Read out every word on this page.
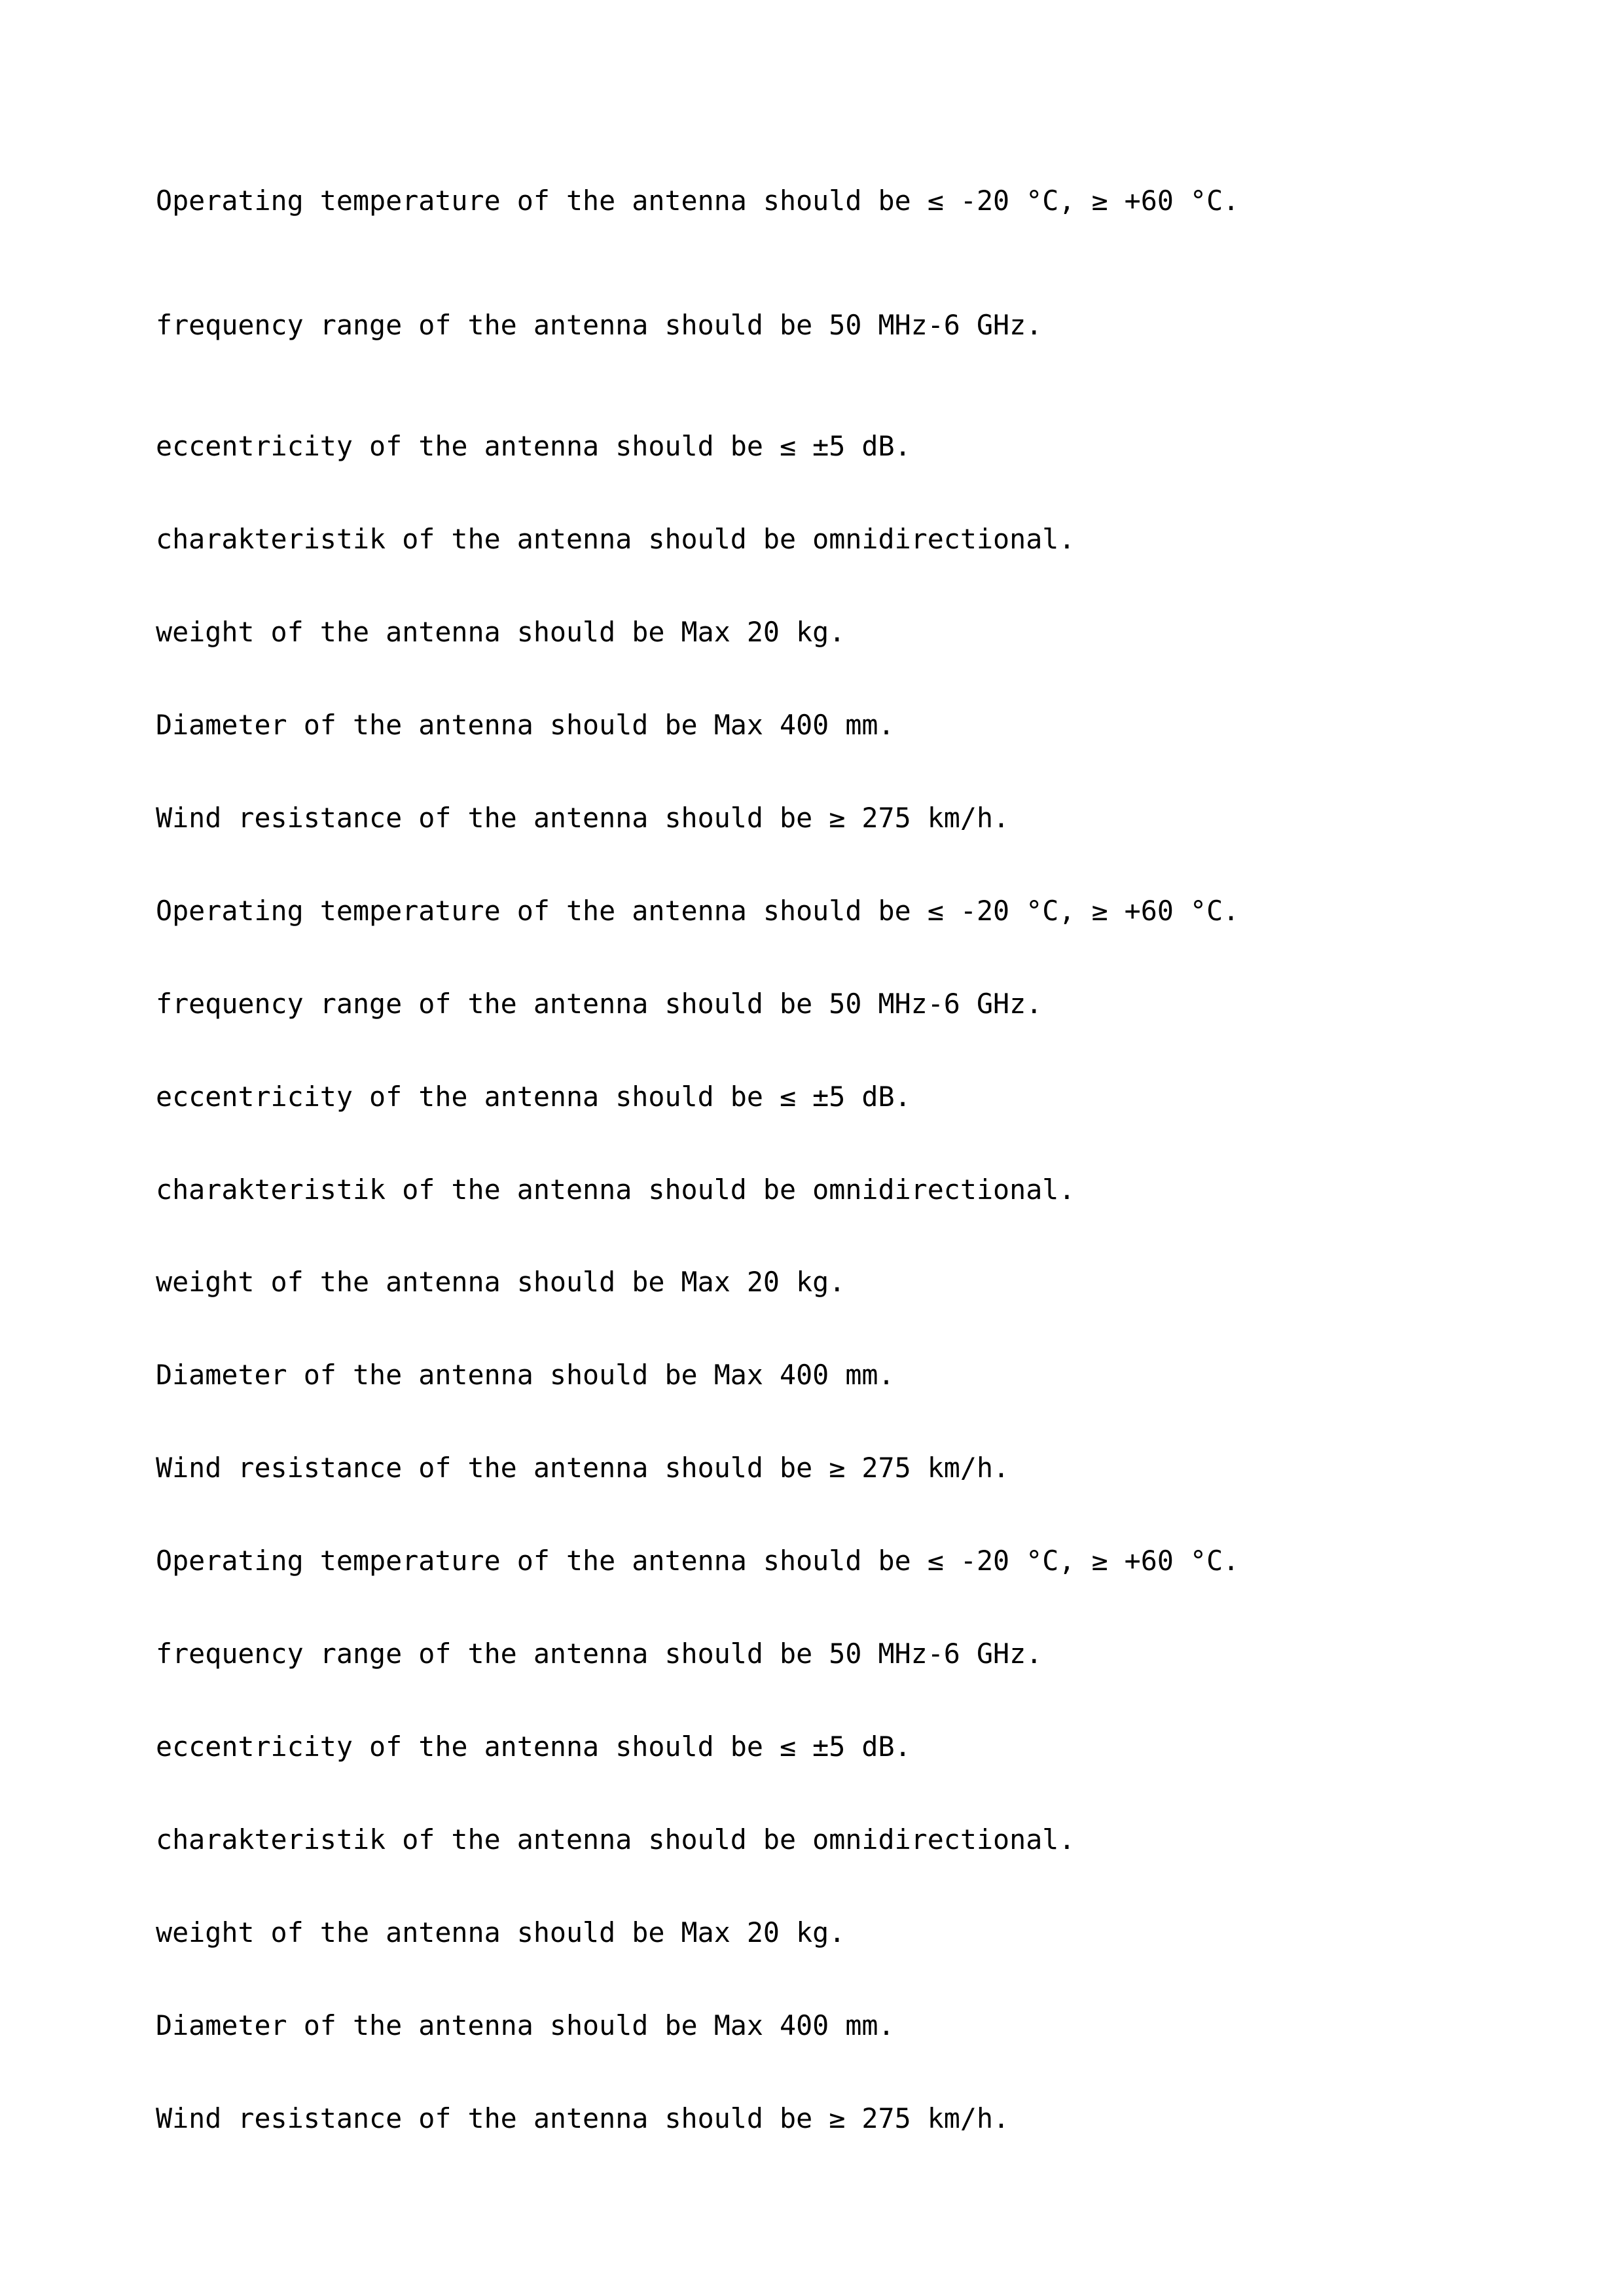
Operating temperature of the antenna should be ≤ -20 °C, ≥ +60 °C.

frequency range of the antenna should be 50 MHz-6 GHz.

eccentricity of the antenna should be ≤ ±5 dB.

charakteristik of the antenna should be omnidirectional.

weight of the antenna should be Max 20 kg.

Diameter of the antenna should be Max 400 mm.

Wind resistance of the antenna should be ≥ 275 km/h.

Operating temperature of the antenna should be ≤ -20 °C, ≥ +60 °C.

frequency range of the antenna should be 50 MHz-6 GHz.

eccentricity of the antenna should be ≤ ±5 dB.

charakteristik of the antenna should be omnidirectional.

weight of the antenna should be Max 20 kg.

Diameter of the antenna should be Max 400 mm.

Wind resistance of the antenna should be ≥ 275 km/h.

Operating temperature of the antenna should be ≤ -20 °C, ≥ +60 °C.

frequency range of the antenna should be 50 MHz-6 GHz.

eccentricity of the antenna should be ≤ ±5 dB.

charakteristik of the antenna should be omnidirectional.

weight of the antenna should be Max 20 kg.

Diameter of the antenna should be Max 400 mm.

Wind resistance of the antenna should be ≥ 275 km/h.
